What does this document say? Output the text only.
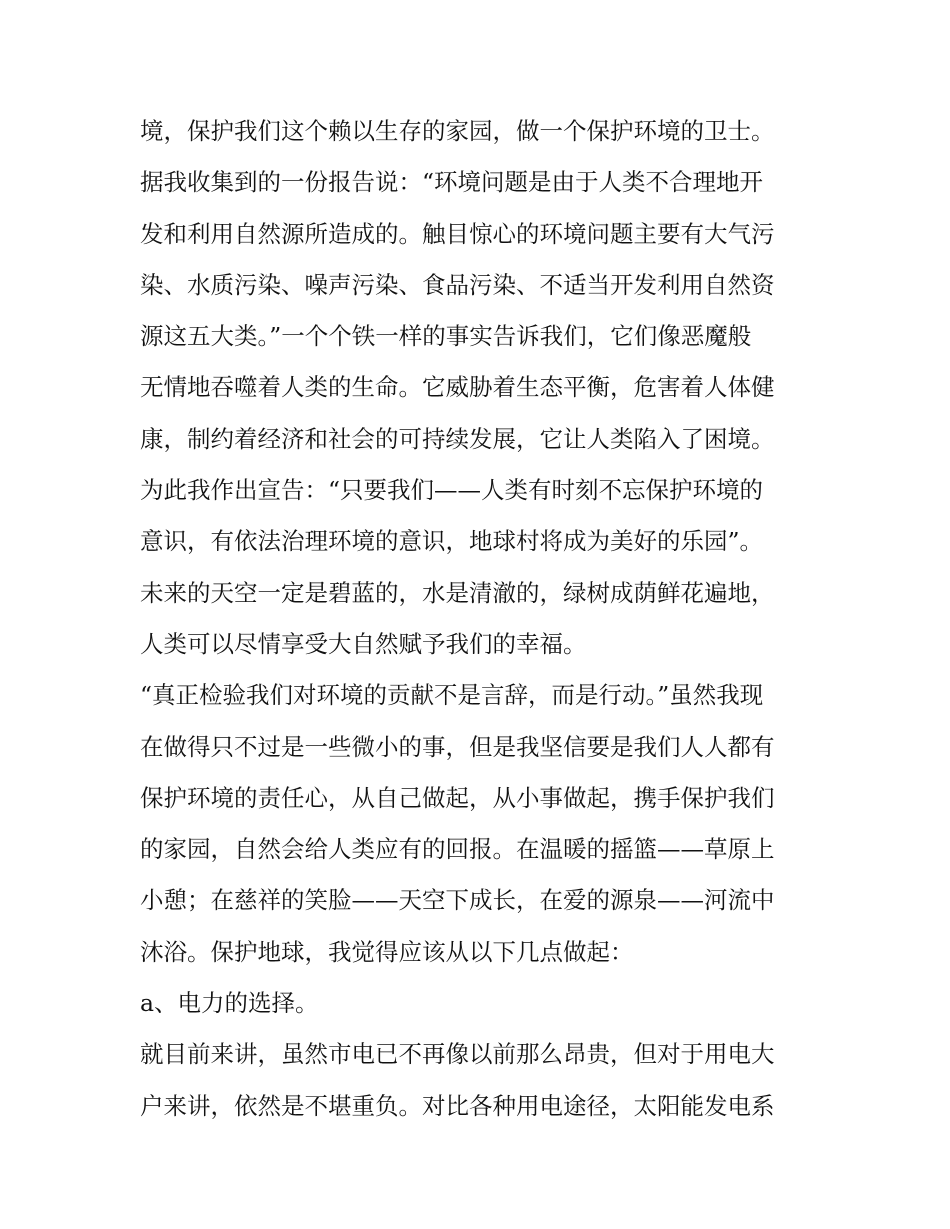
境，保护我们这个赖以生存的家园，做一个保护环境的卫士。
据我收集到的一份报告说：“环境问题是由于人类不合理地开
发和利用自然源所造成的。触目惊心的环境问题主要有大气污
染、水质污染、噪声污染、食品污染、不适当开发利用自然资
源这五大类。”一个个铁一样的事实告诉我们，它们像恶魔般
无情地吞噬着人类的生命。它威胁着生态平衡，危害着人体健
康，制约着经济和社会的可持续发展，它让人类陷入了困境。
为此我作出宣告：“只要我们——人类有时刻不忘保护环境的
意识，有依法治理环境的意识，地球村将成为美好的乐园”。
未来的天空一定是碧蓝的，水是清澈的，绿树成荫鲜花遍地，
人类可以尽情享受大自然赋予我们的幸福。
“真正检验我们对环境的贡献不是言辞，而是行动。”虽然我现
在做得只不过是一些微小的事，但是我坚信要是我们人人都有
保护环境的责任心，从自己做起，从小事做起，携手保护我们
的家园，自然会给人类应有的回报。在温暖的摇篮——草原上
小憩；在慈祥的笑脸——天空下成长，在爱的源泉——河流中
沐浴。保护地球，我觉得应该从以下几点做起：
a、电力的选择。
就目前来讲，虽然市电已不再像以前那么昂贵，但对于用电大
户来讲，依然是不堪重负。对比各种用电途径，太阳能发电系
